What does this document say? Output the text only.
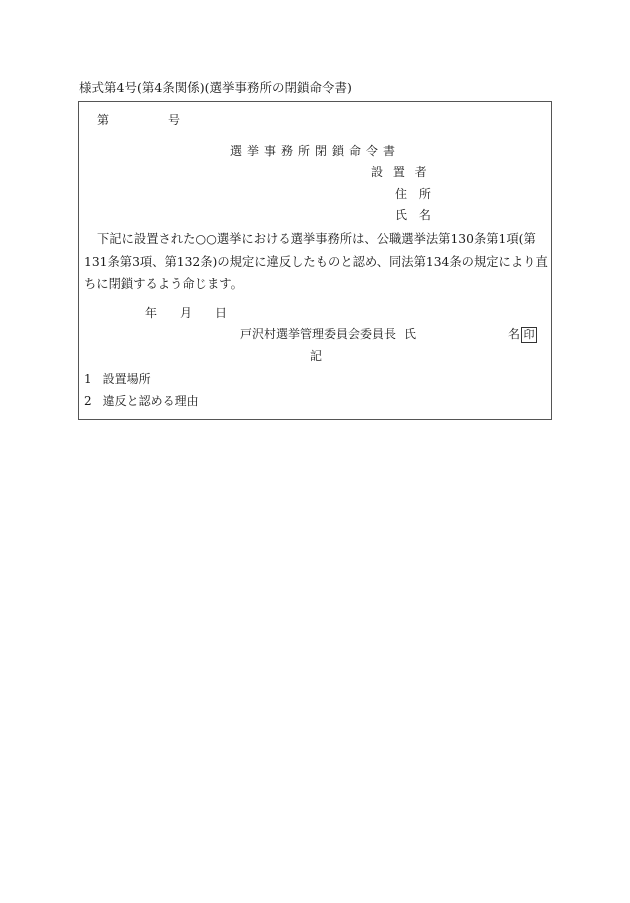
様式第4号(第4条関係)(選挙事務所の閉鎖命令書)
第	号
選挙事務所閉鎖命令書
設 置 者
住 所
氏 名
下記に設置された○○選挙における選挙事務所は、公職選挙法第130条第1項(第131条第3項、第132条)の規定に違反したものと認め、同法第134条の規定により直ちに閉鎖するよう命じます。
年 月 日
戸沢村選挙管理委員会委員長 氏	名 印
記
1 設置場所
2 違反と認める理由
